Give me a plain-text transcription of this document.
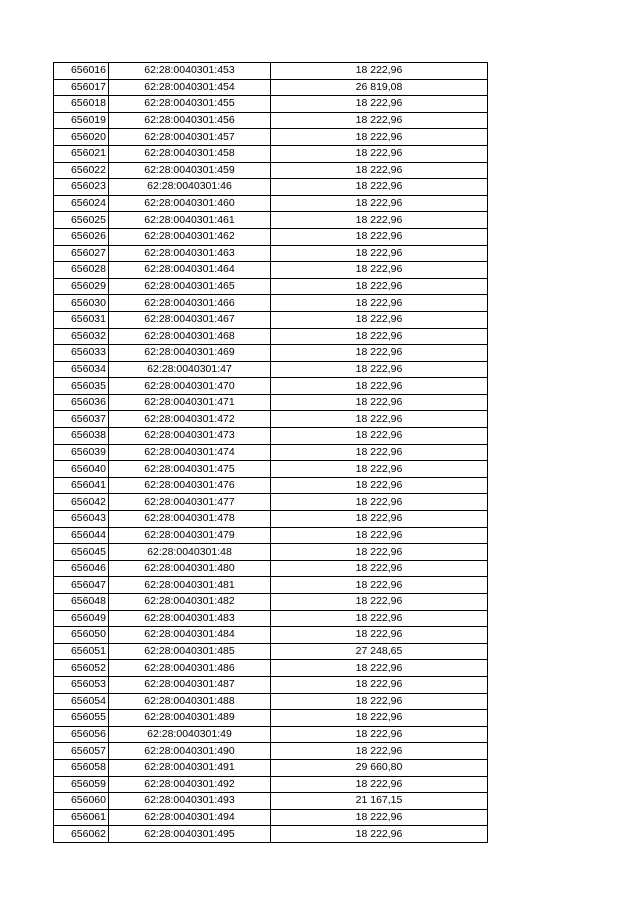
656016	62:28:0040301:453	18 222,96
656017	62:28:0040301:454	26 819,08
656018	62:28:0040301:455	18 222,96
656019	62:28:0040301:456	18 222,96
656020	62:28:0040301:457	18 222,96
656021	62:28:0040301:458	18 222,96
656022	62:28:0040301:459	18 222,96
656023	62:28:0040301:46	18 222,96
656024	62:28:0040301:460	18 222,96
656025	62:28:0040301:461	18 222,96
656026	62:28:0040301:462	18 222,96
656027	62:28:0040301:463	18 222,96
656028	62:28:0040301:464	18 222,96
656029	62:28:0040301:465	18 222,96
656030	62:28:0040301:466	18 222,96
656031	62:28:0040301:467	18 222,96
656032	62:28:0040301:468	18 222,96
656033	62:28:0040301:469	18 222,96
656034	62:28:0040301:47	18 222,96
656035	62:28:0040301:470	18 222,96
656036	62:28:0040301:471	18 222,96
656037	62:28:0040301:472	18 222,96
656038	62:28:0040301:473	18 222,96
656039	62:28:0040301:474	18 222,96
656040	62:28:0040301:475	18 222,96
656041	62:28:0040301:476	18 222,96
656042	62:28:0040301:477	18 222,96
656043	62:28:0040301:478	18 222,96
656044	62:28:0040301:479	18 222,96
656045	62:28:0040301:48	18 222,96
656046	62:28:0040301:480	18 222,96
656047	62:28:0040301:481	18 222,96
656048	62:28:0040301:482	18 222,96
656049	62:28:0040301:483	18 222,96
656050	62:28:0040301:484	18 222,96
656051	62:28:0040301:485	27 248,65
656052	62:28:0040301:486	18 222,96
656053	62:28:0040301:487	18 222,96
656054	62:28:0040301:488	18 222,96
656055	62:28:0040301:489	18 222,96
656056	62:28:0040301:49	18 222,96
656057	62:28:0040301:490	18 222,96
656058	62:28:0040301:491	29 660,80
656059	62:28:0040301:492	18 222,96
656060	62:28:0040301:493	21 167,15
656061	62:28:0040301:494	18 222,96
656062	62:28:0040301:495	18 222,96
